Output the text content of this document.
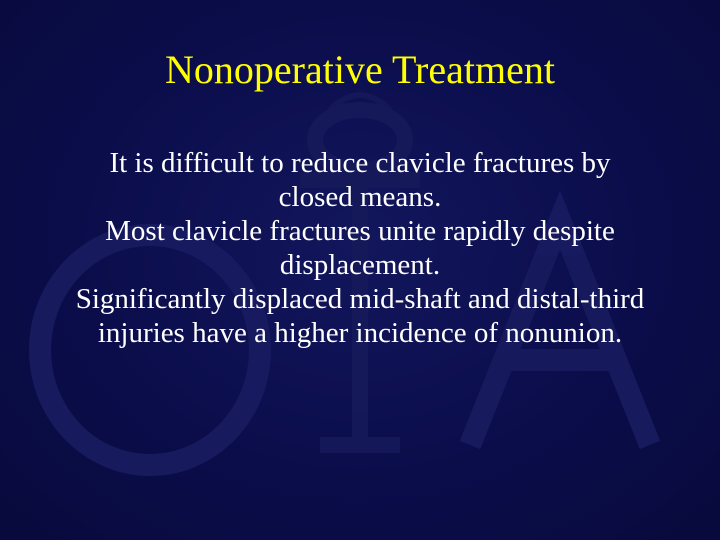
Nonoperative Treatment

It is difficult to reduce clavicle fractures by
closed means.

Most clavicle fractures unite rapidly despite
displacement.

Significantly displaced mid-shaft and distal-third
injuries have a higher incidence of nonunion.
